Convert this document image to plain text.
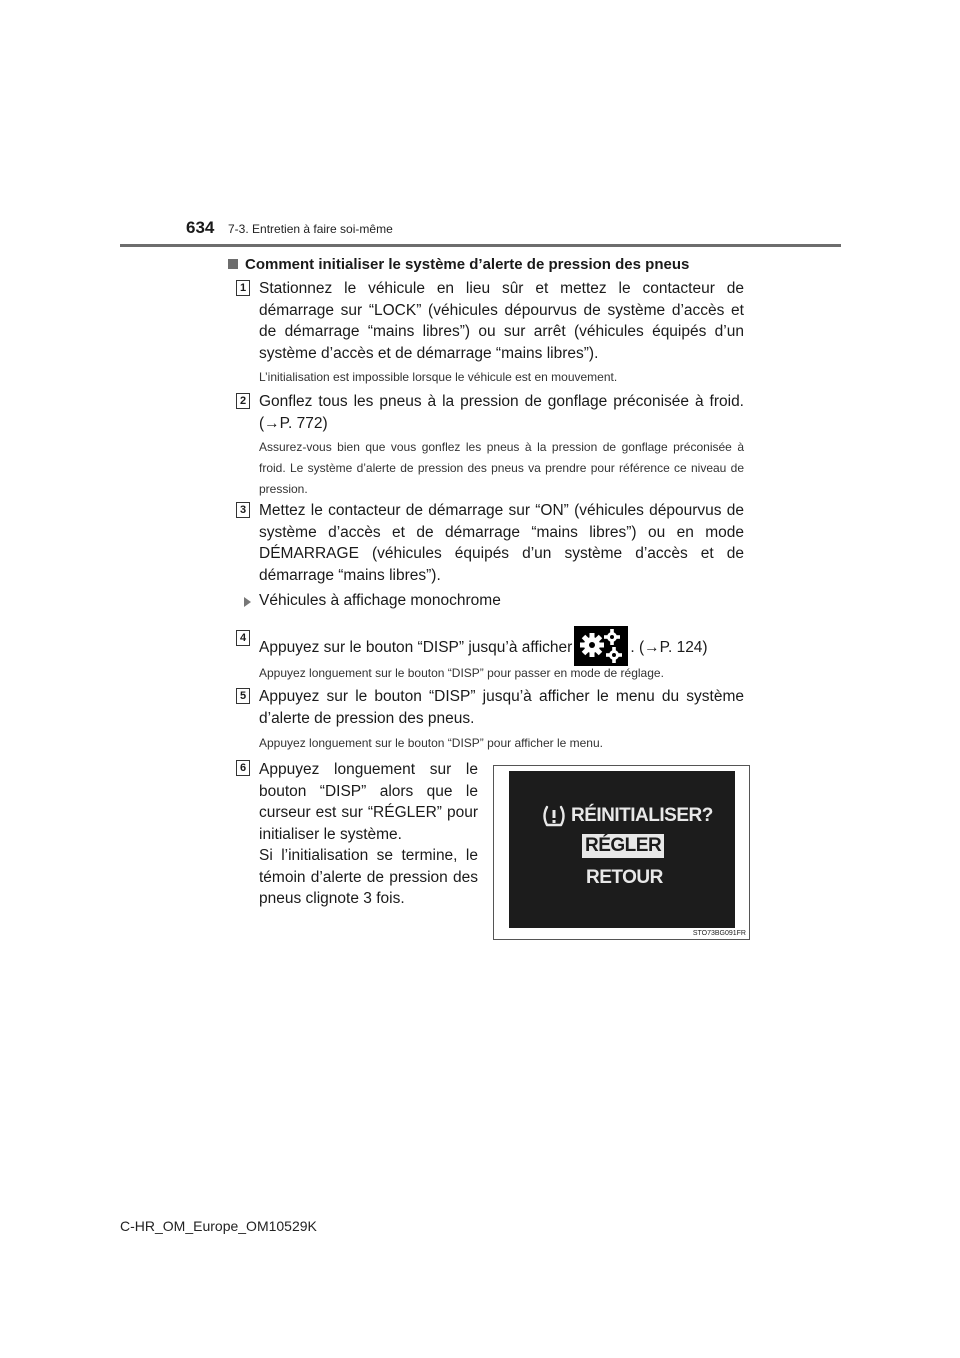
634 7-3. Entretien à faire soi-même
Comment initialiser le système d’alerte de pression des pneus
1 Stationnez le véhicule en lieu sûr et mettez le contacteur de démarrage sur “LOCK” (véhicules dépourvus de système d’accès et de démarrage “mains libres”) ou sur arrêt (véhicules équipés d’un système d’accès et de démarrage “mains libres”).
L’initialisation est impossible lorsque le véhicule est en mouvement.
2 Gonflez tous les pneus à la pression de gonflage préconisée à froid. (→P. 772)
Assurez-vous bien que vous gonflez les pneus à la pression de gonflage préconisée à froid. Le système d’alerte de pression des pneus va prendre pour référence ce niveau de pression.
3 Mettez le contacteur de démarrage sur “ON” (véhicules dépourvus de système d’accès et de démarrage “mains libres”) ou en mode DÉMARRAGE (véhicules équipés d’un système d’accès et de démarrage “mains libres”).
Véhicules à affichage monochrome
4
Appuyez sur le bouton “DISP” jusqu’à afficher	. (→P. 124)
Appuyez longuement sur le bouton “DISP” pour passer en mode de réglage.
5 Appuyez sur le bouton “DISP” jusqu’à afficher le menu du système d’alerte de pression des pneus.
Appuyez longuement sur le bouton “DISP” pour afficher le menu.
6 Appuyez longuement sur le bouton “DISP” alors que le curseur est sur “RÉGLER” pour initialiser le système.
Si l’initialisation se termine, le témoin d’alerte de pression des pneus clignote 3 fois.
RÉINITIALISER?
RÉGLER
RETOUR
STO73BG091FR
C-HR_OM_Europe_OM10529K
